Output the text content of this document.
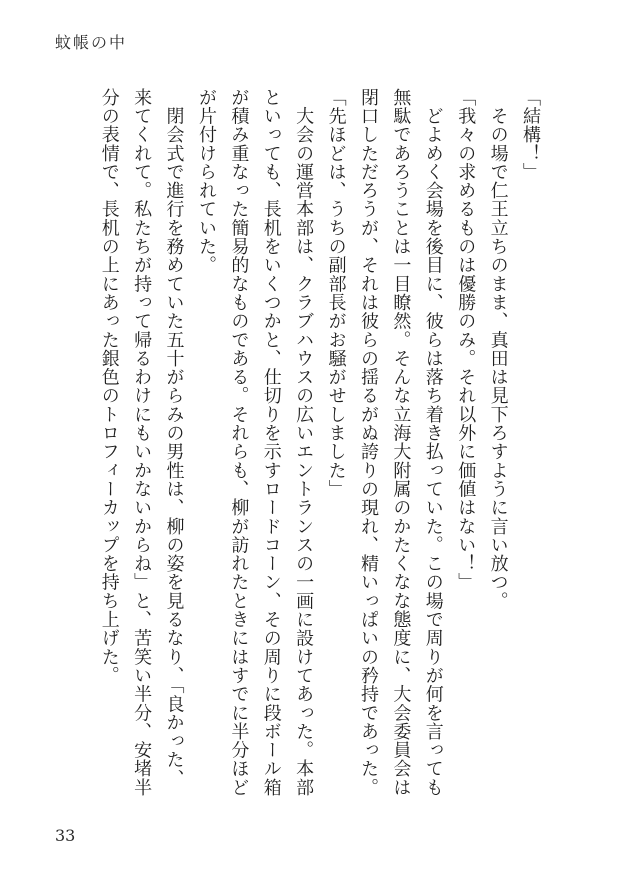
蚊帳の中
「結構！」
　その場で仁王立ちのまま、真田は見下ろすように言い放つ。
「我々の求めるものは優勝のみ。それ以外に価値はない！」
　どよめく会場を後目に、彼らは落ち着き払っていた。この場で周りが何を言っても
無駄であろうことは一目瞭然。そんな立海大附属のかたくなな態度に、大会委員会は
閉口しただろうが、それは彼らの揺るがぬ誇りの現れ、精いっぱいの矜持であった。
「先ほどは、うちの副部長がお騒がせしました」
　大会の運営本部は、クラブハウスの広いエントランスの一画に設けてあった。本部
といっても、長机をいくつかと、仕切りを示すロードコーン、その周りに段ボール箱
が積み重なった簡易的なものである。それらも、柳が訪れたときにはすでに半分ほど
が片付けられていた。
　閉会式で進行を務めていた五十がらみの男性は、柳の姿を見るなり、「良かった、
来てくれて。私たちが持って帰るわけにもいかないからね」と、苦笑い半分、安堵半
分の表情で、長机の上にあった銀色のトロフィーカップを持ち上げた。
33
